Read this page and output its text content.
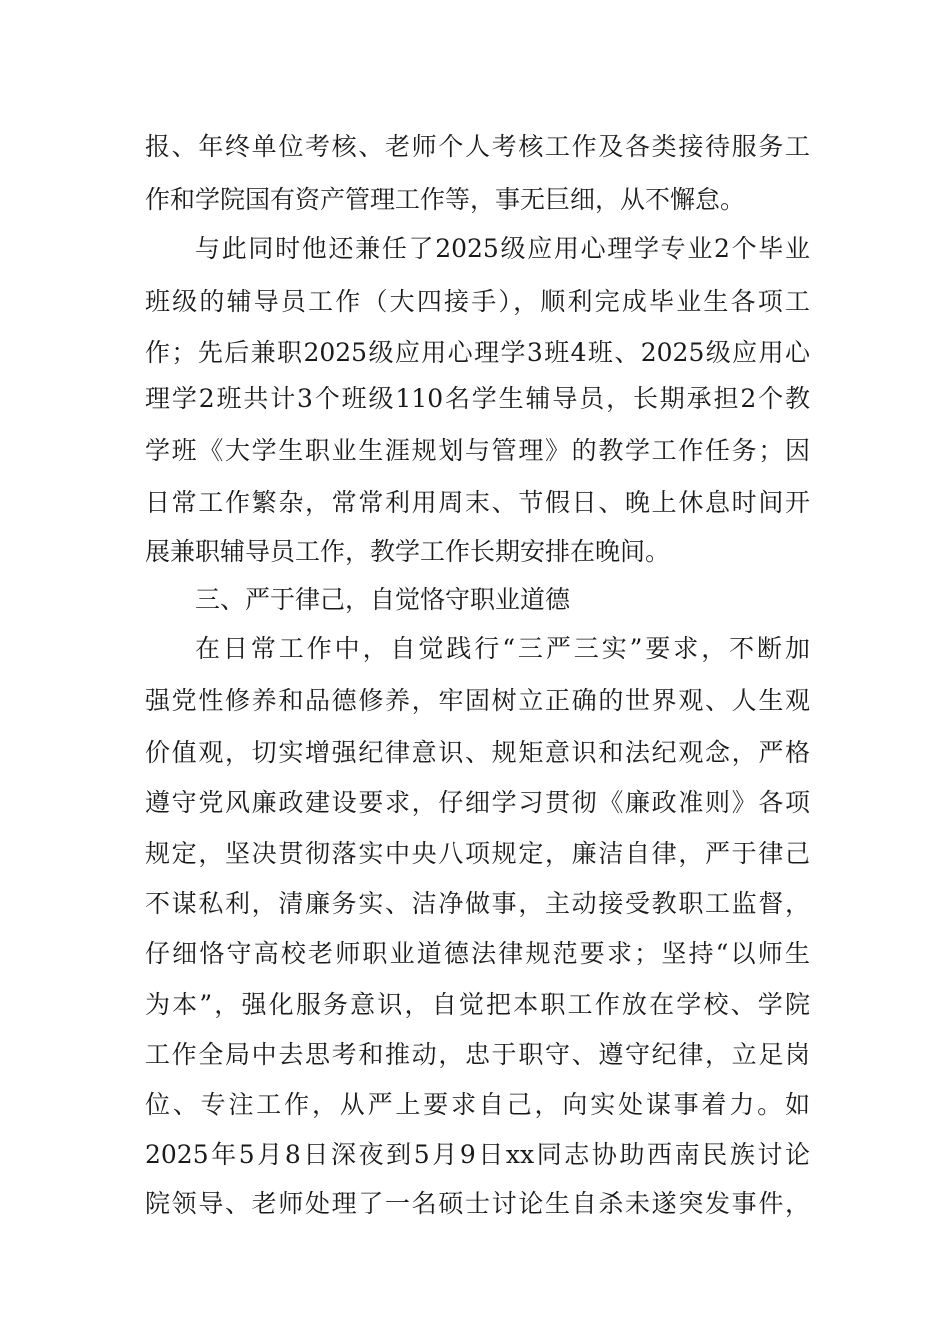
报、年终单位考核、老师个人考核工作及各类接待服务工
作和学院国有资产管理工作等，事无巨细，从不懈怠。
与此同时他还兼任了2025级应用心理学专业2个毕业
班级的辅导员工作（大四接手），顺利完成毕业生各项工
作；先后兼职2025级应用心理学3班4班、2025级应用心
理学2班共计3个班级110名学生辅导员，长期承担2个教
学班《大学生职业生涯规划与管理》的教学工作任务；因
日常工作繁杂，常常利用周末、节假日、晚上休息时间开
展兼职辅导员工作，教学工作长期安排在晚间。
三、严于律己，自觉恪守职业道德
在日常工作中，自觉践行“三严三实”要求，不断加
强党性修养和品德修养，牢固树立正确的世界观、人生观
价值观，切实增强纪律意识、规矩意识和法纪观念，严格
遵守党风廉政建设要求，仔细学习贯彻《廉政准则》各项
规定，坚决贯彻落实中央八项规定，廉洁自律，严于律己
不谋私利，清廉务实、洁净做事，主动接受教职工监督，
仔细恪守高校老师职业道德法律规范要求；坚持“以师生
为本”，强化服务意识，自觉把本职工作放在学校、学院
工作全局中去思考和推动，忠于职守、遵守纪律，立足岗
位、专注工作，从严上要求自己，向实处谋事着力。如
2025年5月8日深夜到5月9日xx同志协助西南民族讨论
院领导、老师处理了一名硕士讨论生自杀未遂突发事件，
